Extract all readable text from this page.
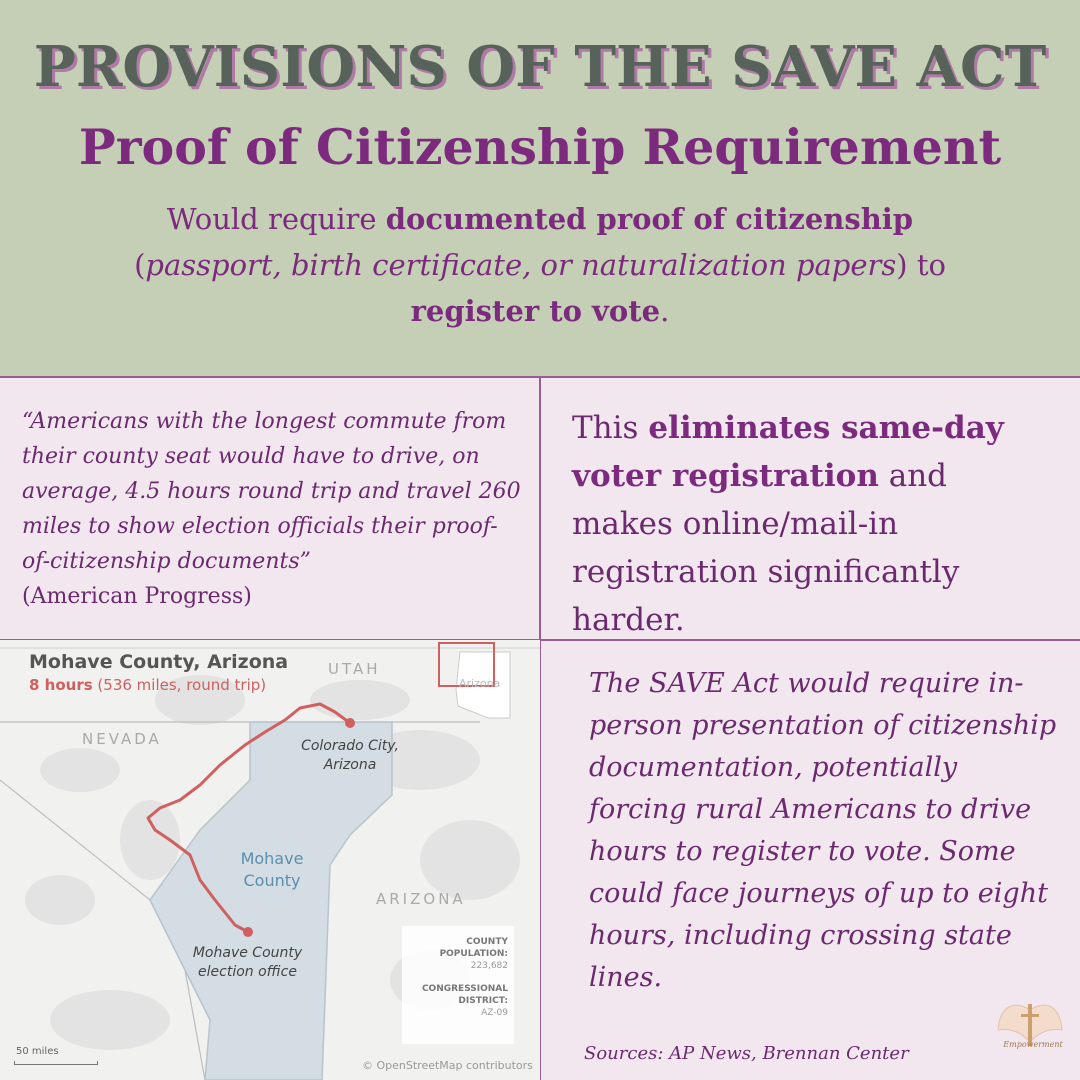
PROVISIONS OF THE SAVE ACT
Proof of Citizenship Requirement
Would require documented proof of citizenship
(passport, birth certificate, or naturalization papers) to
register to vote.
“Americans with the longest commute from their county seat would have to drive, on average, 4.5 hours round trip and travel 260 miles to show election officials their proof-of-citizenship documents”
(American Progress)
This eliminates same-day voter registration and makes online/mail-in registration significantly harder.
Mohave County, Arizona
8 hours (536 miles, round trip)
UTAH
NEVADA
ARIZONA
Arizona
Colorado City,
Arizona
Mohave
County
Mohave County
election office
COUNTY
POPULATION:
223,682
CONGRESSIONAL
DISTRICT:
AZ-09
50 miles
© OpenStreetMap contributors
The SAVE Act would require in-person presentation of citizenship documentation, potentially forcing rural Americans to drive hours to register to vote. Some could face journeys of up to eight hours, including crossing state lines.
Sources: AP News, Brennan Center	Empowerment
